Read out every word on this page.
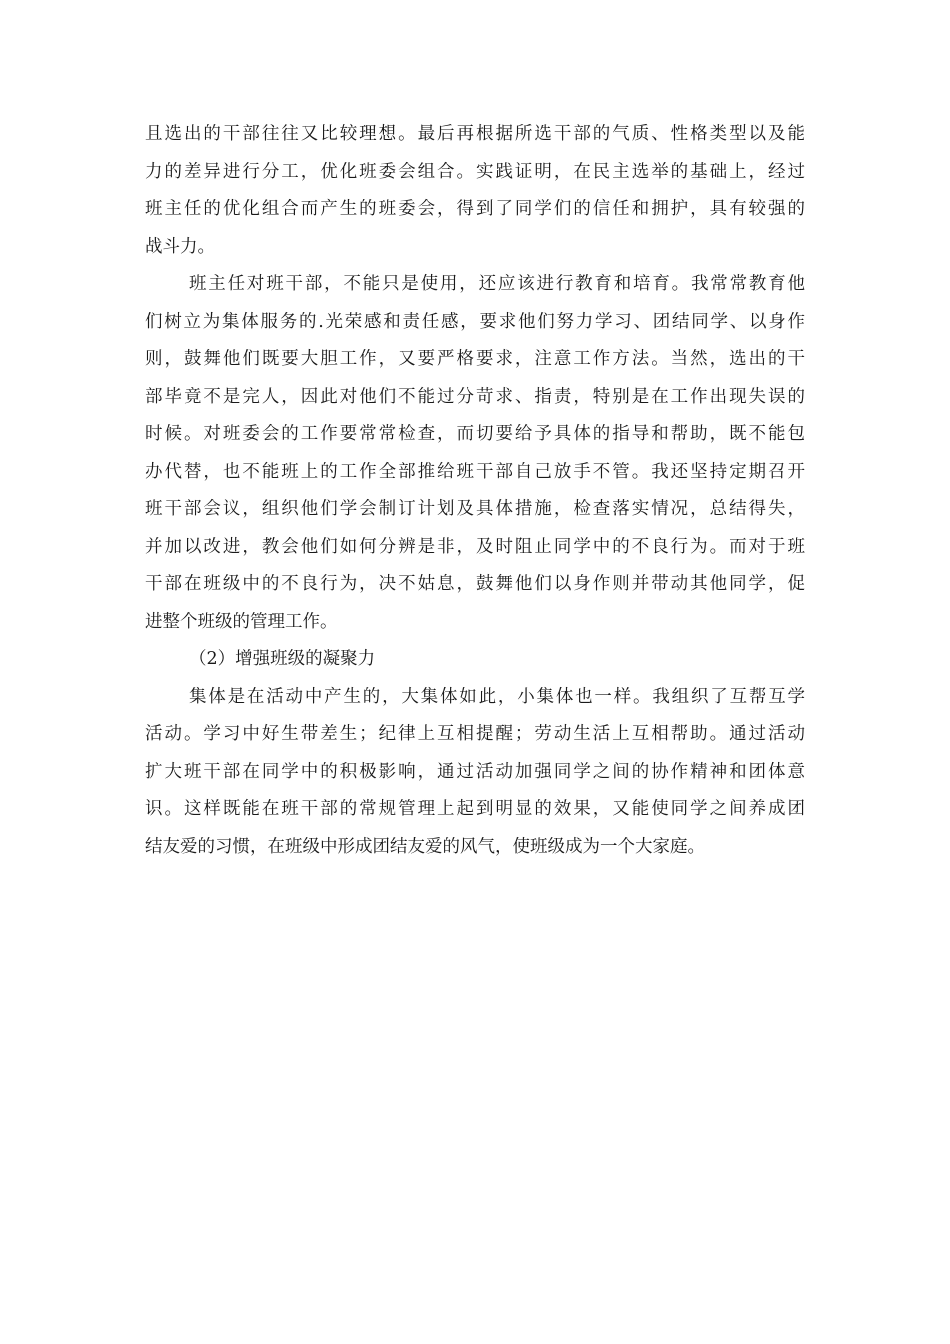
且选出的干部往往又比较理想。最后再根据所选干部的气质、性格类型以及能
力的差异进行分工，优化班委会组合。实践证明，在民主选举的基础上，经过
班主任的优化组合而产生的班委会，得到了同学们的信任和拥护，具有较强的
战斗力。
班主任对班干部，不能只是使用，还应该进行教育和培育。我常常教育他
们树立为集体服务的.光荣感和责任感，要求他们努力学习、团结同学、以身作
则，鼓舞他们既要大胆工作，又要严格要求，注意工作方法。当然，选出的干
部毕竟不是完人，因此对他们不能过分苛求、指责，特别是在工作出现失误的
时候。对班委会的工作要常常检查，而切要给予具体的指导和帮助，既不能包
办代替，也不能班上的工作全部推给班干部自己放手不管。我还坚持定期召开
班干部会议，组织他们学会制订计划及具体措施，检查落实情况，总结得失，
并加以改进，教会他们如何分辨是非，及时阻止同学中的不良行为。而对于班
干部在班级中的不良行为，决不姑息，鼓舞他们以身作则并带动其他同学，促
进整个班级的管理工作。
（2）增强班级的凝聚力
集体是在活动中产生的，大集体如此，小集体也一样。我组织了互帮互学
活动。学习中好生带差生；纪律上互相提醒；劳动生活上互相帮助。通过活动
扩大班干部在同学中的积极影响，通过活动加强同学之间的协作精神和团体意
识。这样既能在班干部的常规管理上起到明显的效果，又能使同学之间养成团
结友爱的习惯，在班级中形成团结友爱的风气，使班级成为一个大家庭。
